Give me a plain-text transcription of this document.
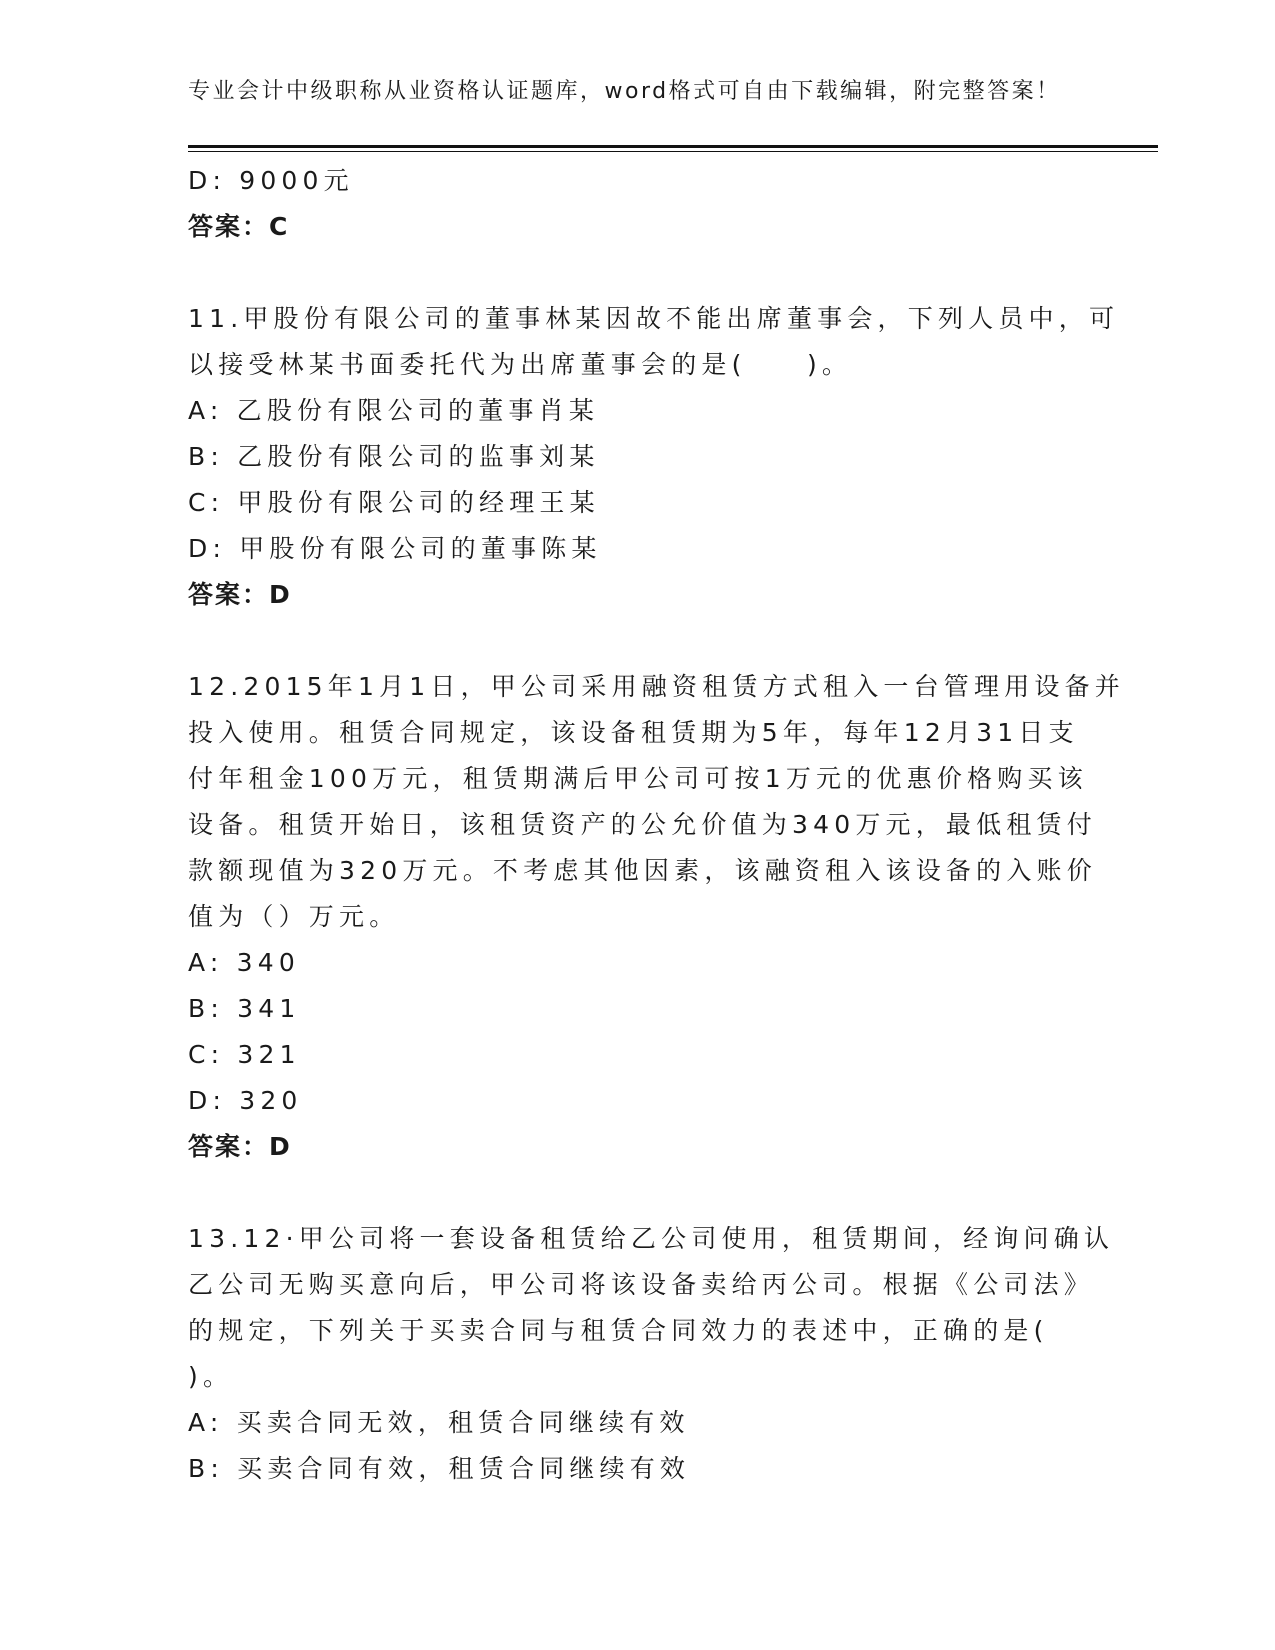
专业会计中级职称从业资格认证题库，word格式可自由下载编辑，附完整答案！
D: 9000元
答案：C
11.甲股份有限公司的董事林某因故不能出席董事会，下列人员中，可
以接受林某书面委托代为出席董事会的是(　　)。
A: 乙股份有限公司的董事肖某
B: 乙股份有限公司的监事刘某
C: 甲股份有限公司的经理王某
D: 甲股份有限公司的董事陈某
答案：D
12.2015年1月1日，甲公司采用融资租赁方式租入一台管理用设备并
投入使用。租赁合同规定，该设备租赁期为5年，每年12月31日支
付年租金100万元，租赁期满后甲公司可按1万元的优惠价格购买该
设备。租赁开始日，该租赁资产的公允价值为340万元，最低租赁付
款额现值为320万元。不考虑其他因素，该融资租入该设备的入账价
值为（）万元。
A: 340
B: 341
C: 321
D: 320
答案：D
13.12·甲公司将一套设备租赁给乙公司使用，租赁期间，经询问确认
乙公司无购买意向后，甲公司将该设备卖给丙公司。根据《公司法》
的规定，下列关于买卖合同与租赁合同效力的表述中，正确的是(
)。
A: 买卖合同无效，租赁合同继续有效
B: 买卖合同有效，租赁合同继续有效
